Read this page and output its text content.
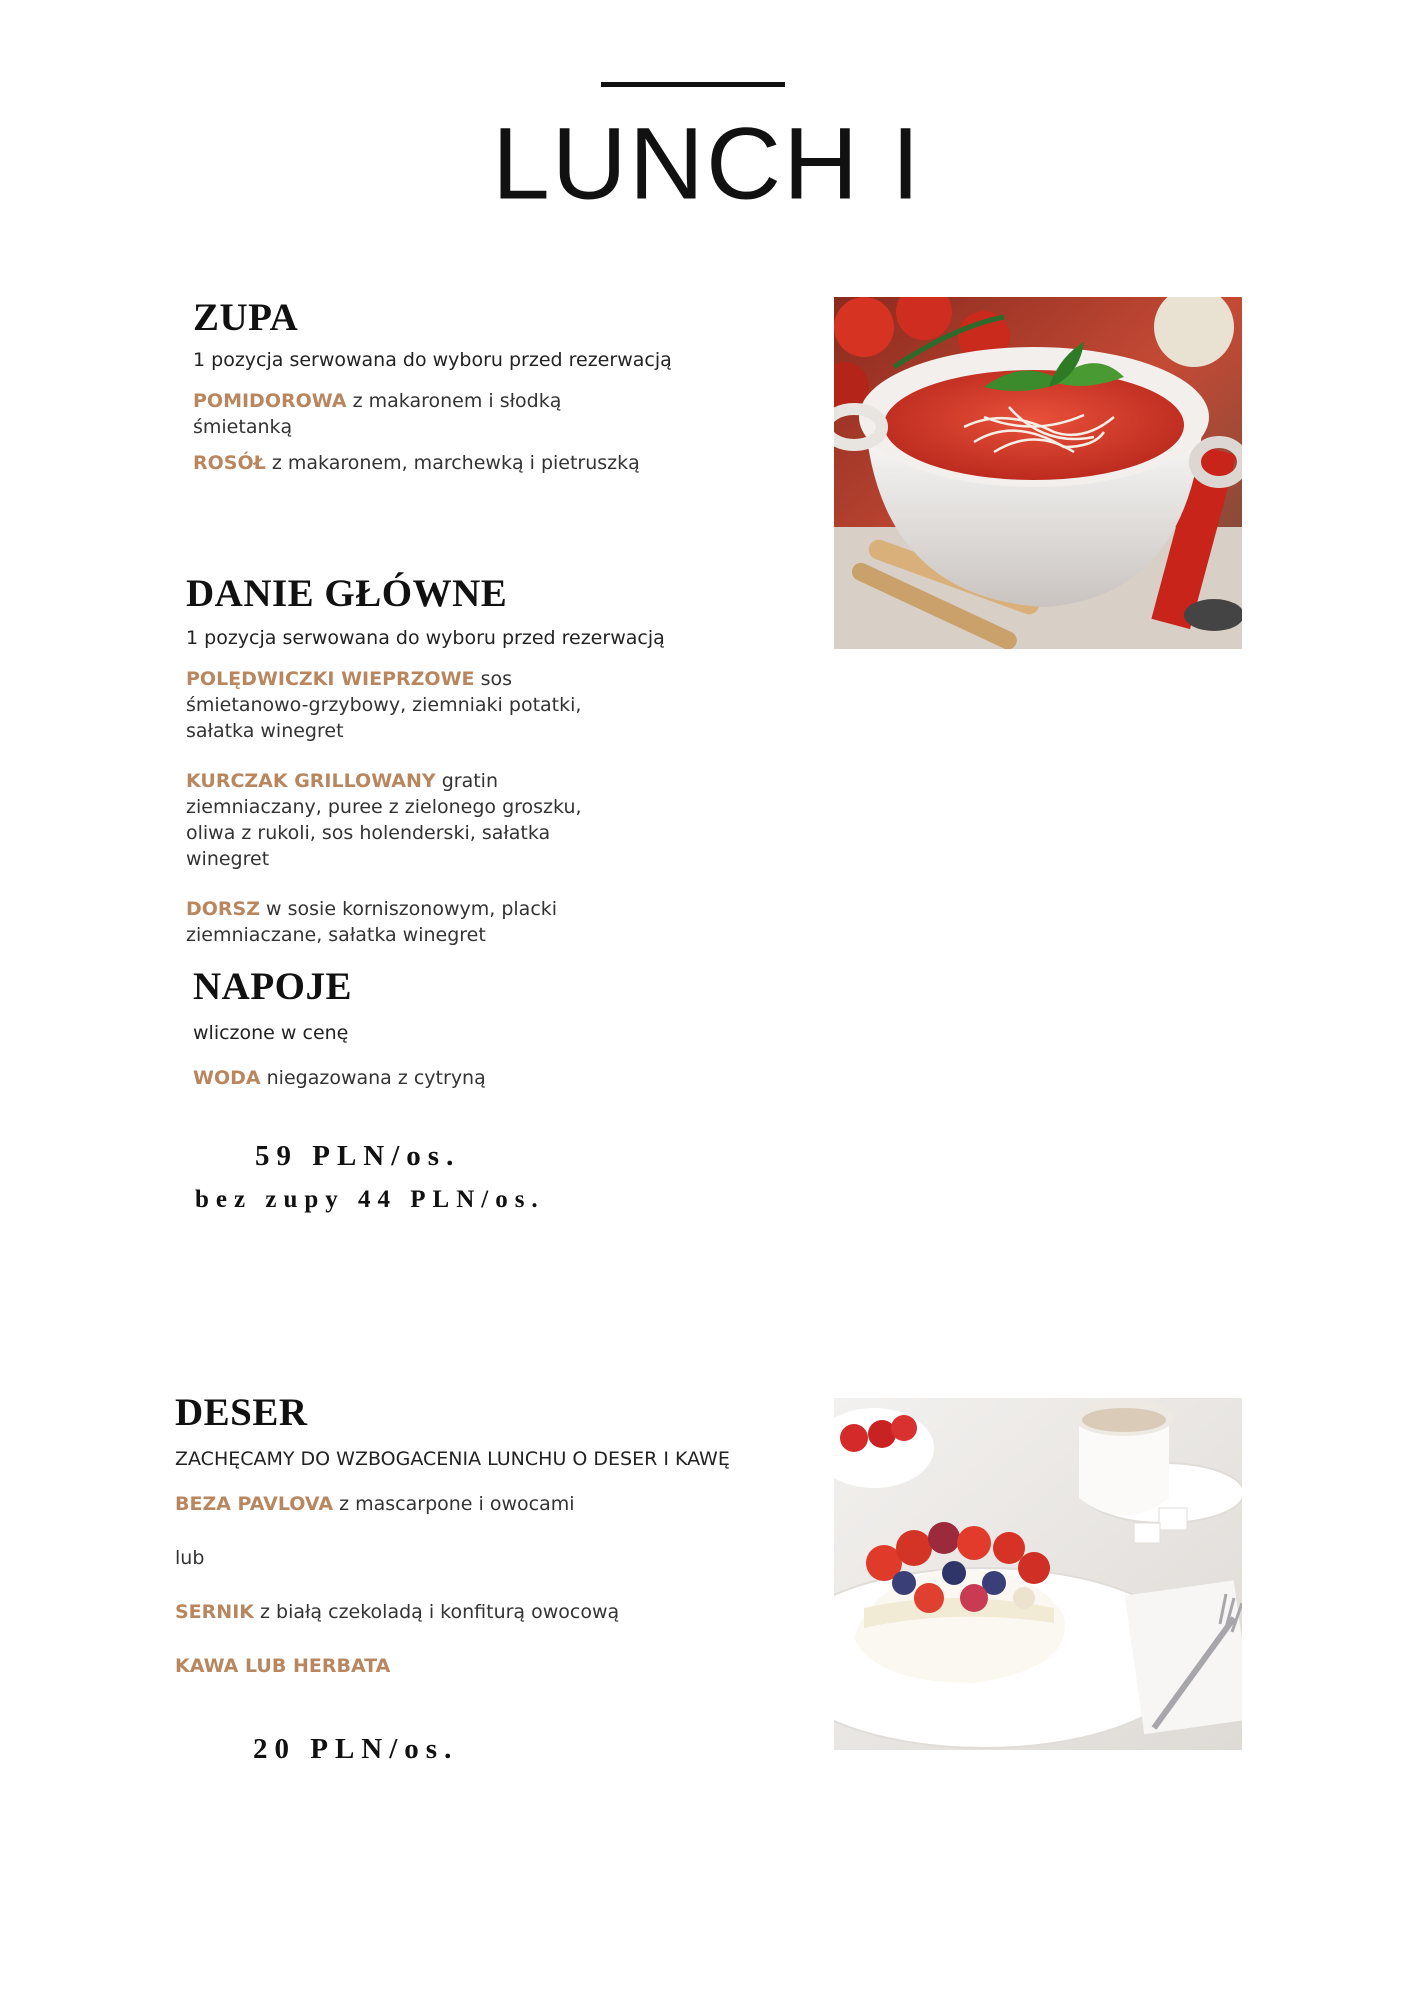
LUNCH I
ZUPA
1 pozycja serwowana do wyboru przed rezerwacją
POMIDOROWA z makaronem i słodką śmietanką
ROSÓŁ z makaronem, marchewką i pietruszką
DANIE GŁÓWNE
1 pozycja serwowana do wyboru przed rezerwacją
POLĘDWICZKI WIEPRZOWE sos śmietanowo-grzybowy, ziemniaki potatki, sałatka winegret
KURCZAK GRILLOWANY gratin ziemniaczany, puree z zielonego groszku, oliwa z rukoli, sos holenderski, sałatka winegret
DORSZ w sosie korniszonowym, placki ziemniaczane, sałatka winegret
NAPOJE
wliczone w cenę
WODA niegazowana z cytryną
59 PLN/os.
bez zupy 44 PLN/os.
DESER
ZACHĘCAMY DO WZBOGACENIA LUNCHU O DESER I KAWĘ
BEZA PAVLOVA z mascarpone i owocami
lub
SERNIK z białą czekoladą i konfiturą owocową
KAWA LUB HERBATA
20 PLN/os.
